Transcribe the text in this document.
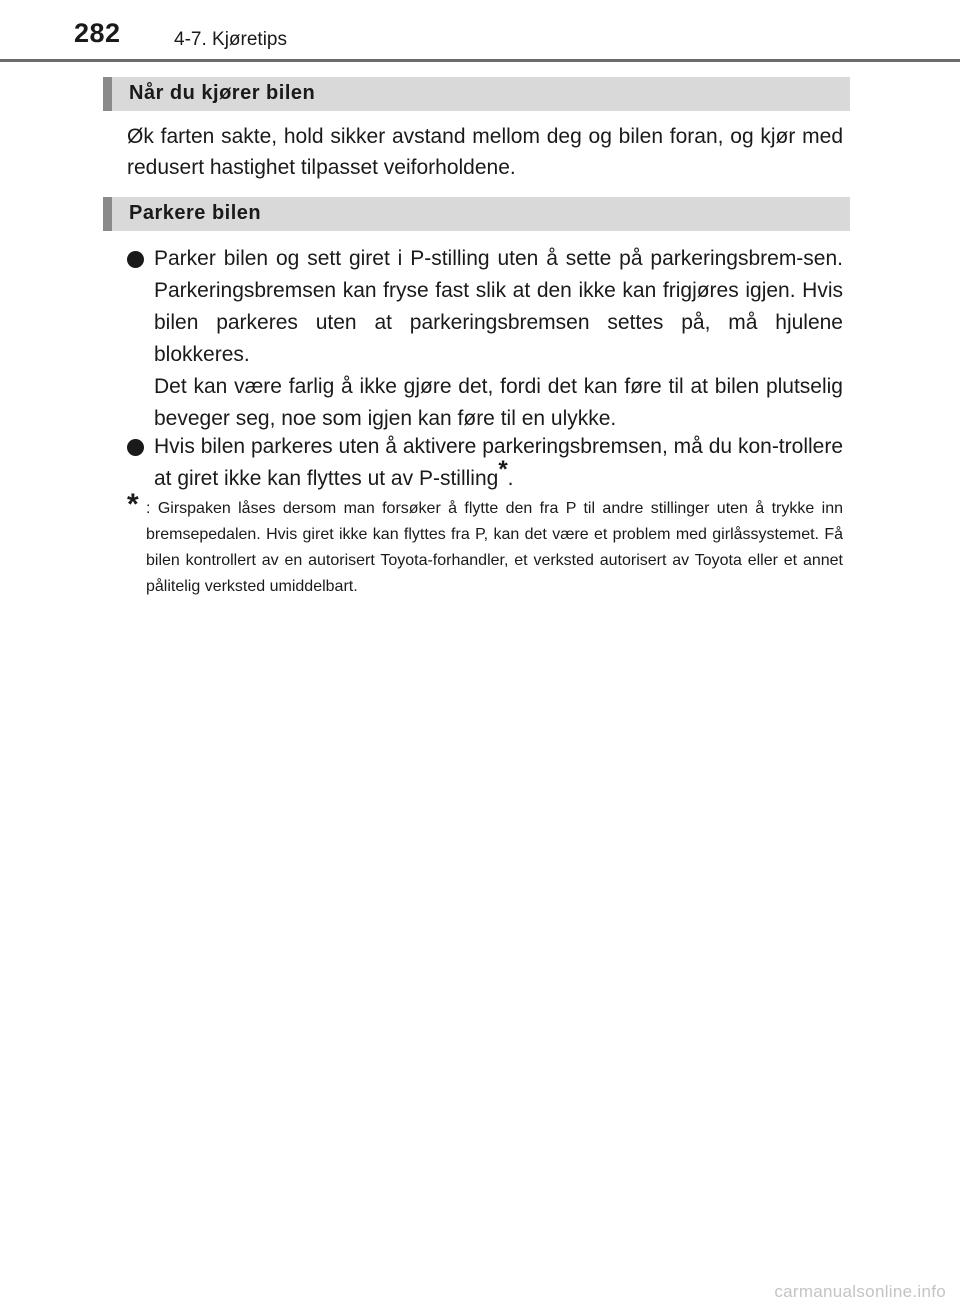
282	4-7. Kjøretips
Når du kjører bilen

Øk farten sakte, hold sikker avstand mellom deg og bilen foran, og kjør med redusert hastighet tilpasset veiforholdene.

Parkere bilen

Parker bilen og sett giret i P-stilling uten å sette på parkeringsbrem-sen. Parkeringsbremsen kan fryse fast slik at den ikke kan frigjøres igjen. Hvis bilen parkeres uten at parkeringsbremsen settes på, må hjulene blokkeres.

Det kan være farlig å ikke gjøre det, fordi det kan føre til at bilen plutselig beveger seg, noe som igjen kan føre til en ulykke.

Hvis bilen parkeres uten å aktivere parkeringsbremsen, må du kon-trollere at giret ikke kan flyttes ut av P-stilling*.

* : Girspaken låses dersom man forsøker å flytte den fra P til andre stillinger uten å trykke inn bremsepedalen. Hvis giret ikke kan flyttes fra P, kan det være et problem med girlåssystemet. Få bilen kontrollert av en autorisert Toyota-forhandler, et verksted autorisert av Toyota eller et annet pålitelig verksted umiddelbart.

carmanualsonline.info
